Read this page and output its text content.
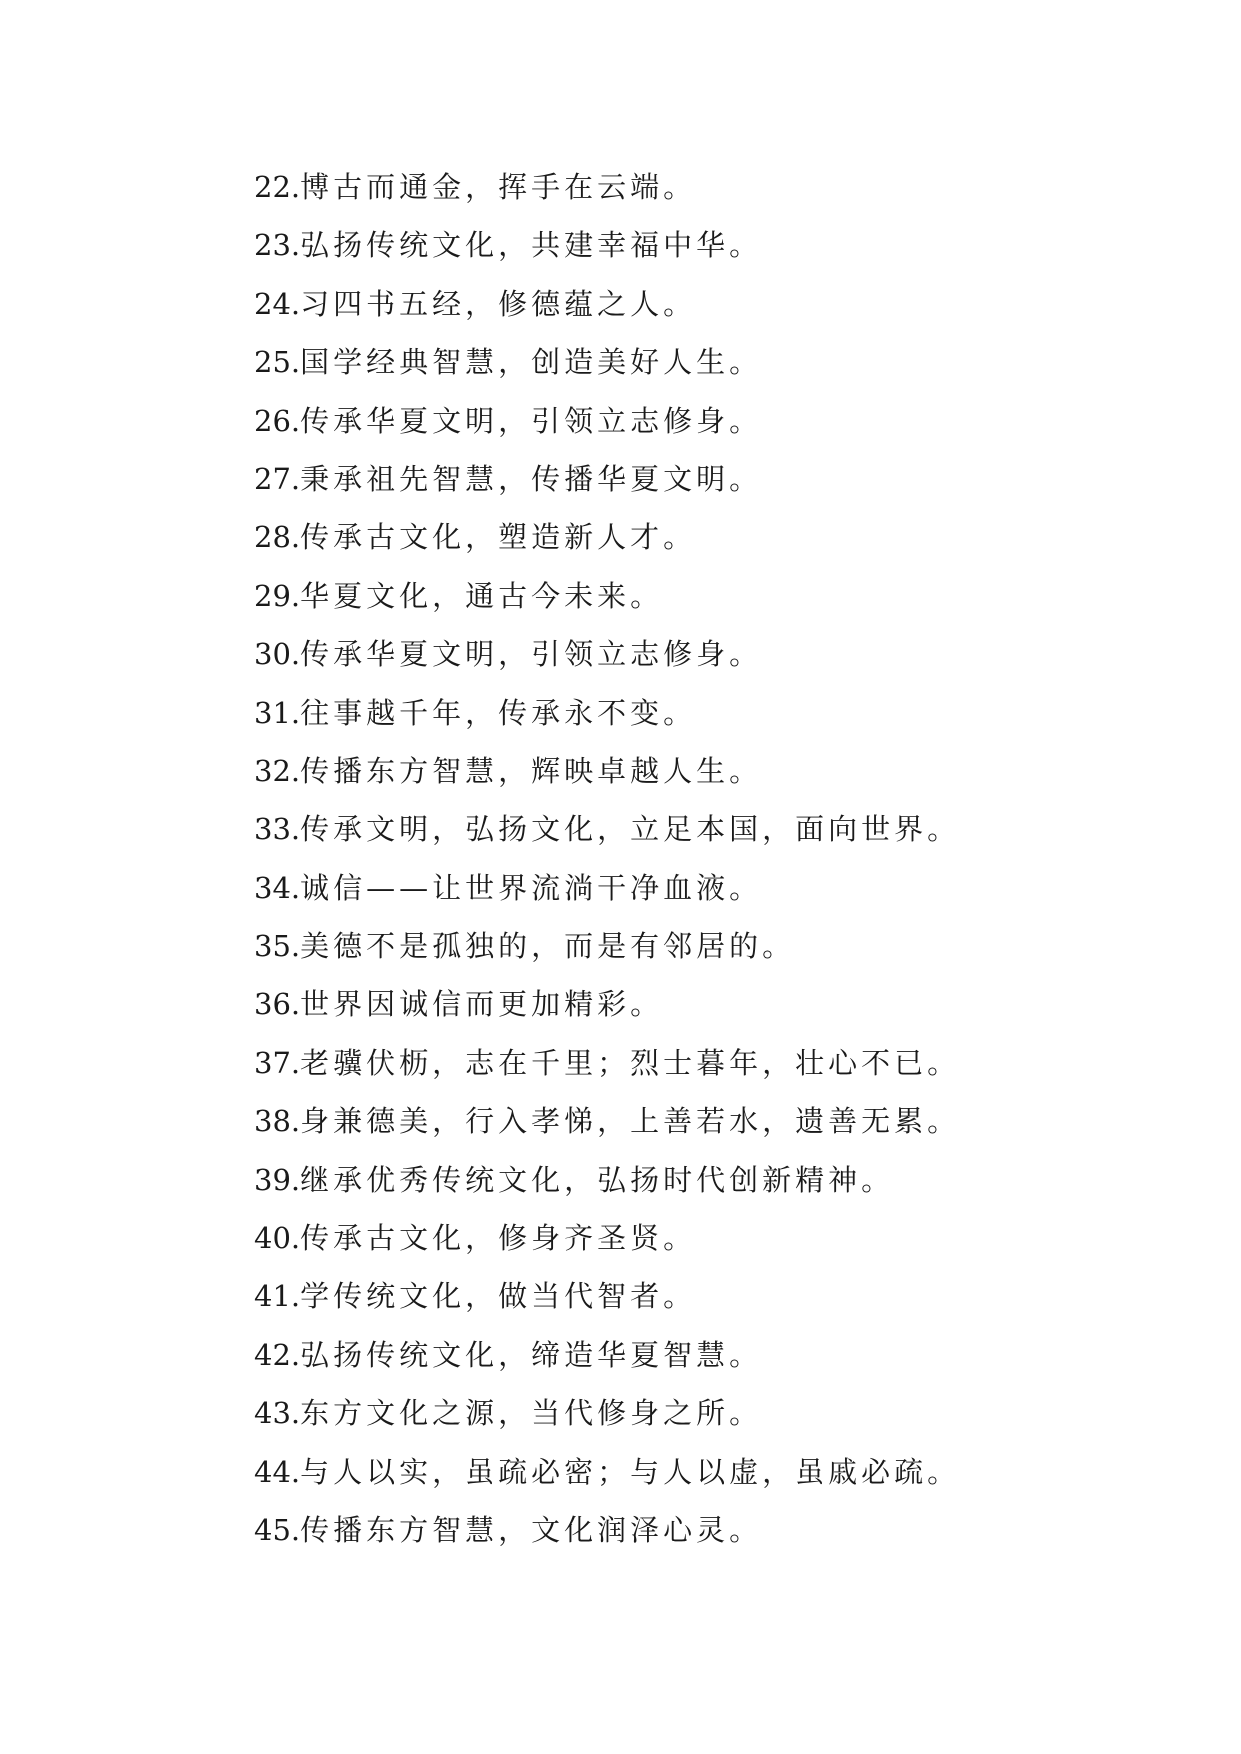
22.博古而通金，挥手在云端。
23.弘扬传统文化，共建幸福中华。
24.习四书五经，修德蕴之人。
25.国学经典智慧，创造美好人生。
26.传承华夏文明，引领立志修身。
27.秉承祖先智慧，传播华夏文明。
28.传承古文化，塑造新人才。
29.华夏文化，通古今未来。
30.传承华夏文明，引领立志修身。
31.往事越千年，传承永不变。
32.传播东方智慧，辉映卓越人生。
33.传承文明，弘扬文化，立足本国，面向世界。
34.诚信——让世界流淌干净血液。
35.美德不是孤独的，而是有邻居的。
36.世界因诚信而更加精彩。
37.老骥伏枥，志在千里；烈士暮年，壮心不已。
38.身兼德美，行入孝悌，上善若水，遗善无累。
39.继承优秀传统文化，弘扬时代创新精神。
40.传承古文化，修身齐圣贤。
41.学传统文化，做当代智者。
42.弘扬传统文化，缔造华夏智慧。
43.东方文化之源，当代修身之所。
44.与人以实，虽疏必密；与人以虚，虽戚必疏。
45.传播东方智慧，文化润泽心灵。
